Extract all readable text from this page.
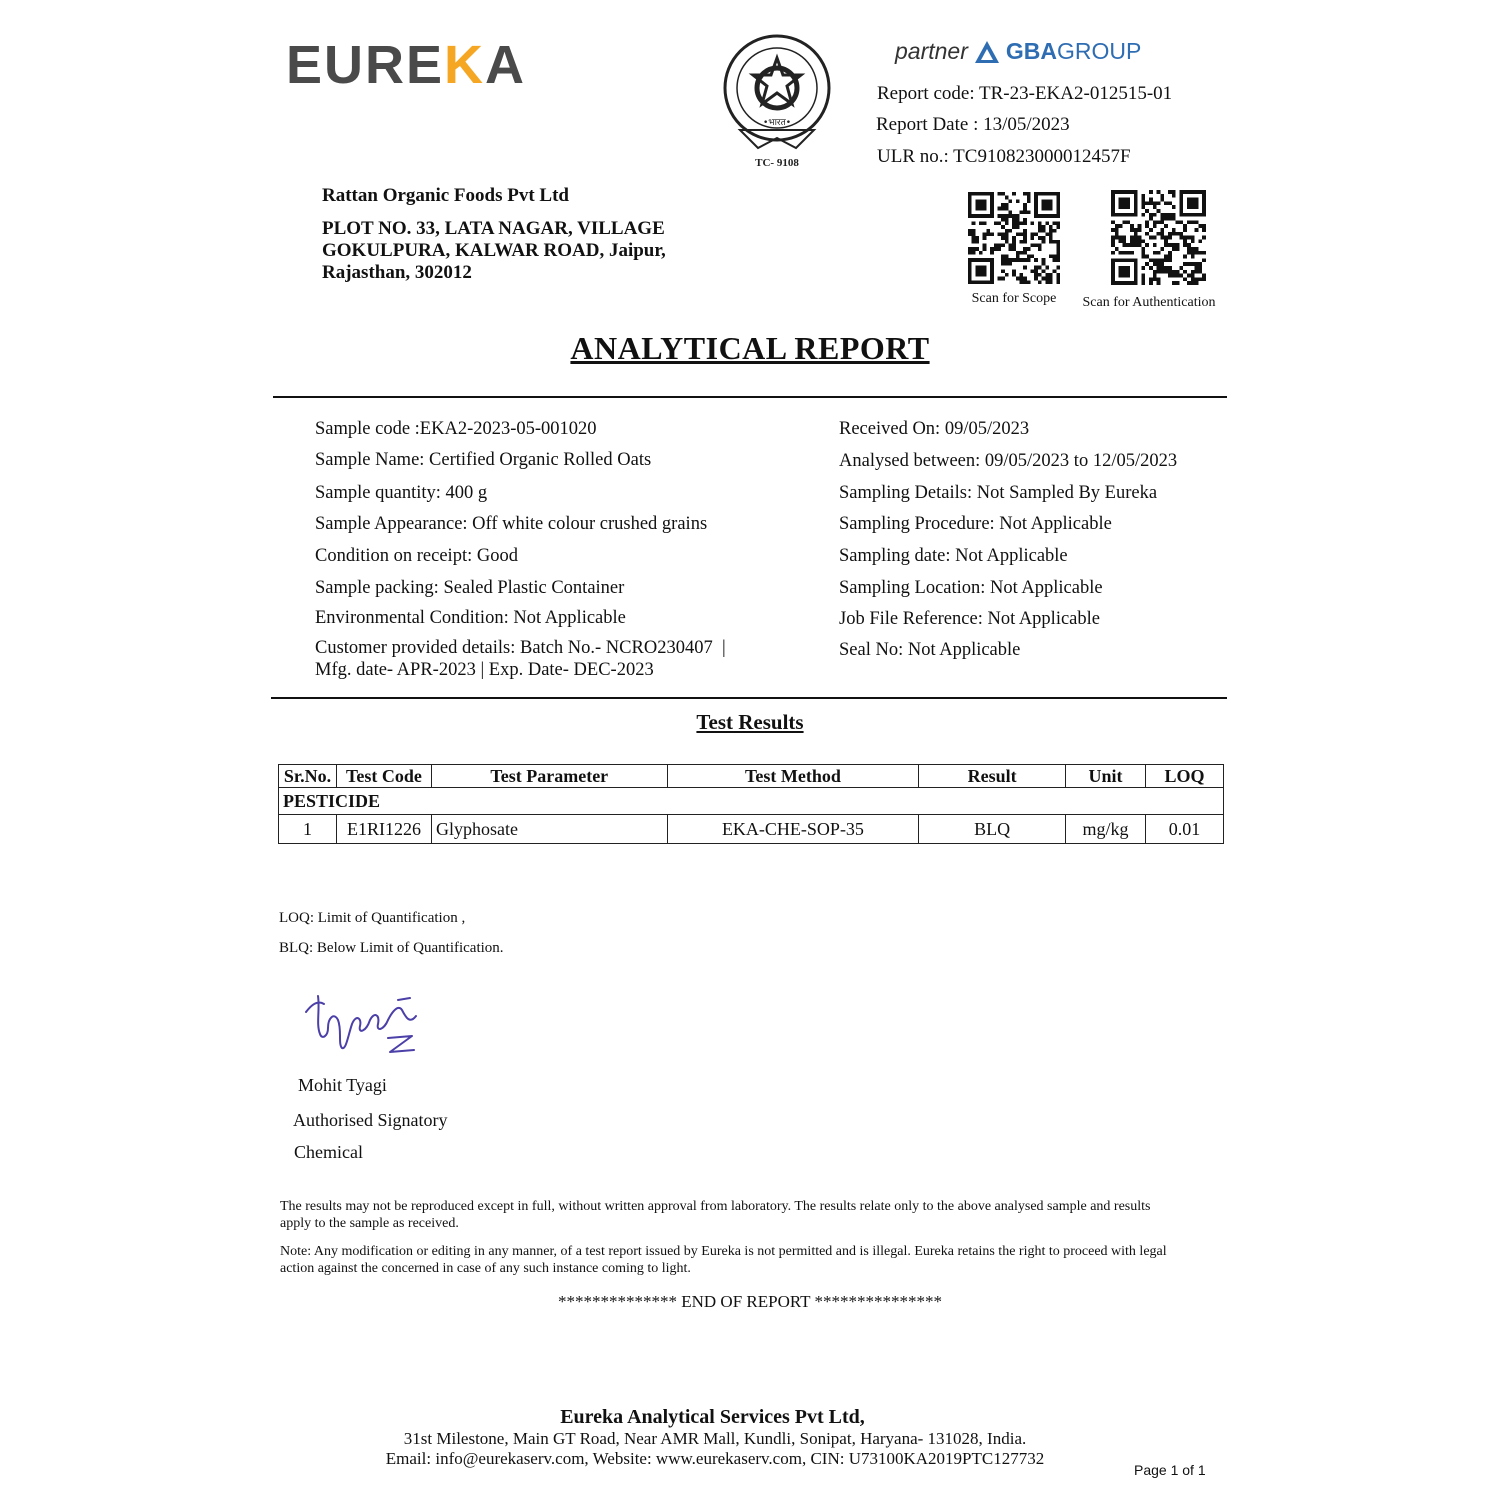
EUREKA
•भारत•
TC- 9108
partner GBAGROUP
Report code: TR-23-EKA2-012515-01
Report Date : 13/05/2023
ULR no.: TC910823000012457F
Rattan Organic Foods Pvt Ltd
PLOT NO. 33, LATA NAGAR, VILLAGE
GOKULPURA, KALWAR ROAD, Jaipur,
Rajasthan, 302012
Scan for Scope	Scan for Authentication
ANALYTICAL REPORT
Sample code :EKA2-2023-05-001020
Sample Name: Certified Organic Rolled Oats
Sample quantity: 400 g
Sample Appearance: Off white colour crushed grains
Condition on receipt: Good
Sample packing: Sealed Plastic Container
Environmental Condition: Not Applicable
Customer provided details: Batch No.- NCRO230407  |
Mfg. date- APR-2023 | Exp. Date- DEC-2023
Received On: 09/05/2023
Analysed between: 09/05/2023 to 12/05/2023
Sampling Details: Not Sampled By Eureka
Sampling Procedure: Not Applicable
Sampling date: Not Applicable
Sampling Location: Not Applicable
Job File Reference: Not Applicable
Seal No: Not Applicable
Test Results
Sr.No.	Test Code	Test Parameter	Test Method	Result	Unit	LOQ
PESTICIDE						
1	E1RI1226	Glyphosate	EKA-CHE-SOP-35	BLQ	mg/kg	0.01
LOQ: Limit of Quantification ,
BLQ: Below Limit of Quantification.
Mohit Tyagi
Authorised Signatory
Chemical
The results may not be reproduced except in full, without written approval from laboratory. The results relate only to the above analysed sample and results apply to the sample as received.
Note: Any modification or editing in any manner, of a test report issued by Eureka is not permitted and is illegal. Eureka retains the right to proceed with legal action against the concerned in case of any such instance coming to light.
************** END OF REPORT ***************
Eureka Analytical Services Pvt Ltd,
31st Milestone, Main GT Road, Near AMR Mall, Kundli, Sonipat, Haryana- 131028, India.
Email: info@eurekaserv.com, Website: www.eurekaserv.com, CIN: U73100KA2019PTC127732
Page 1 of 1
